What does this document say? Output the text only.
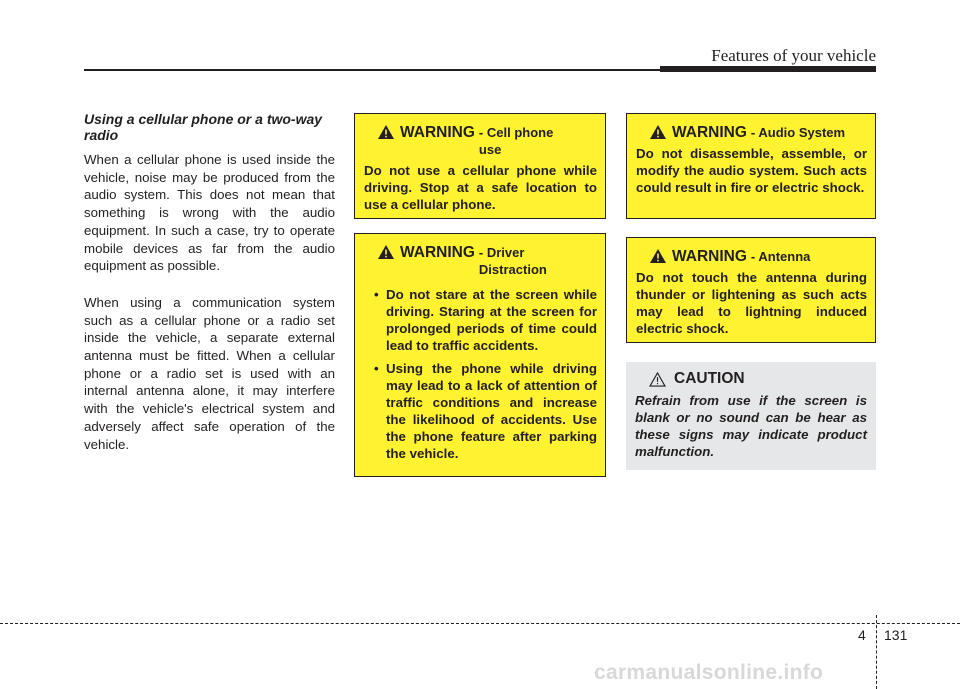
Features of your vehicle

Using a cellular phone or a two-way radio

When a cellular phone is used inside the vehicle, noise may be produced from the audio system. This does not mean that something is wrong with the audio equipment. In such a case, try to operate mobile devices as far from the audio equipment as possible.

When using a communication system such as a cellular phone or a radio set inside the vehicle, a separate external antenna must be fitted. When a cellular phone or a radio set is used with an internal antenna alone, it may interfere with the vehicle's electrical system and adversely affect safe operation of the vehicle.

WARNING - Cell phone use

Do not use a cellular phone while driving. Stop at a safe location to use a cellular phone.

WARNING - Driver Distraction
• Do not stare at the screen while driving. Staring at the screen for prolonged periods of time could lead to traffic accidents.
• Using the phone while driving may lead to a lack of attention of traffic conditions and increase the likelihood of accidents. Use the phone feature after parking the vehicle.
WARNING - Audio System

Do not disassemble, assemble, or modify the audio system. Such acts could result in fire or electric shock.

WARNING - Antenna

Do not touch the antenna during thunder or lightening as such acts may lead to lightning induced electric shock.

CAUTION

Refrain from use if the screen is blank or no sound can be hear as these signs may indicate product malfunction.

4 131
carmanualsonline.info
